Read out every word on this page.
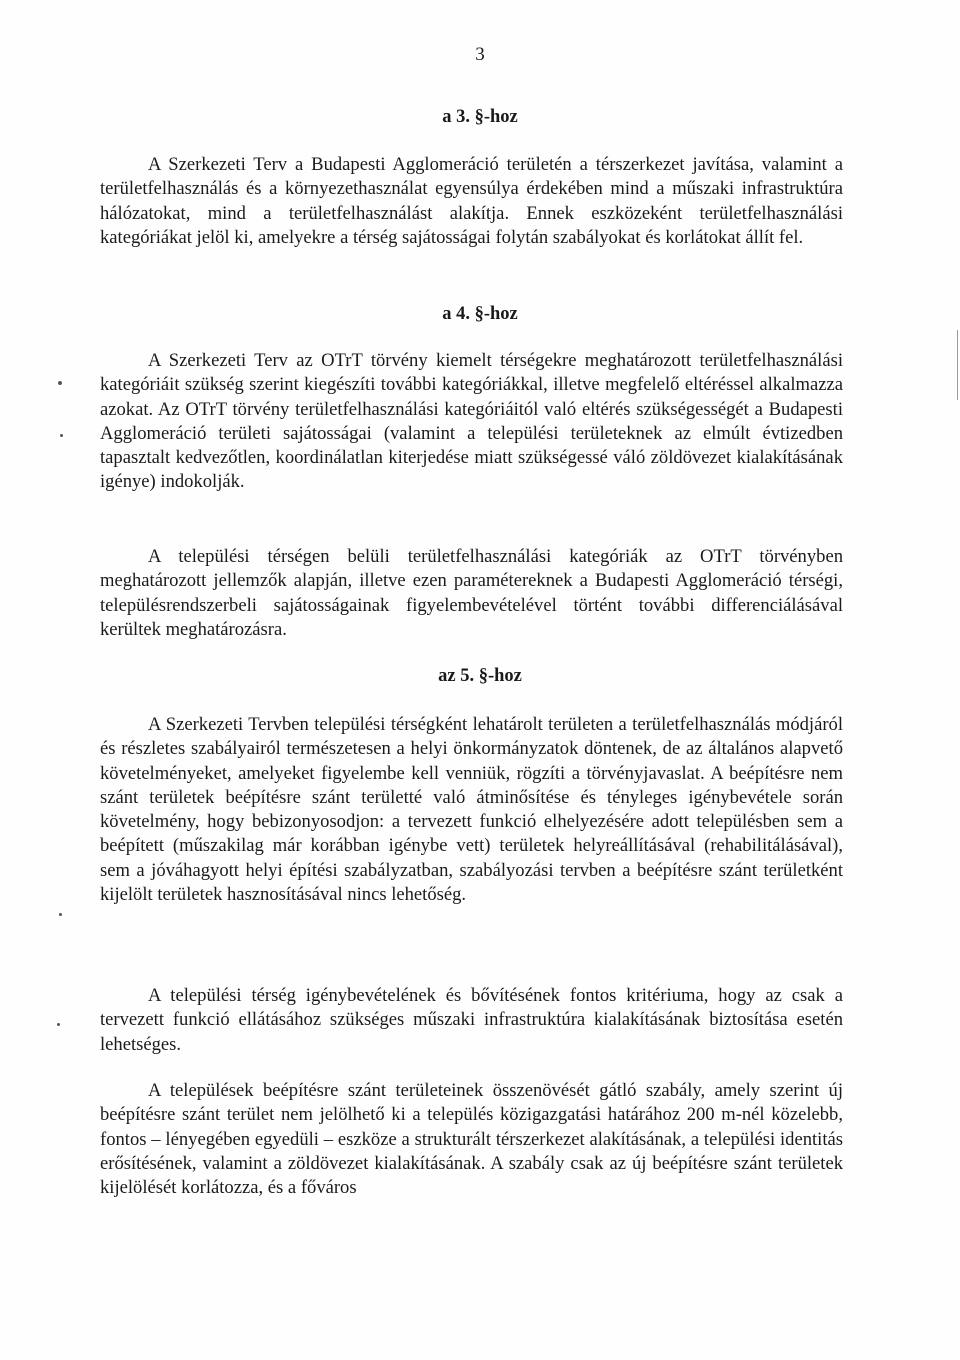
3
a 3. §-hoz

A Szerkezeti Terv a Budapesti Agglomeráció területén a térszerkezet javítása, valamint a területfelhasználás és a környezethasználat egyensúlya érdekében mind a műszaki infrastruktúra hálózatokat, mind a területfelhasználást alakítja. Ennek eszközeként területfelhasználási kategóriákat jelöl ki, amelyekre a térség sajátosságai folytán szabályokat és korlátokat állít fel.

a 4. §-hoz

A Szerkezeti Terv az OTrT törvény kiemelt térségekre meghatározott területfelhasználási kategóriáit szükség szerint kiegészíti további kategóriákkal, illetve megfelelő eltéréssel alkalmazza azokat. Az OTrT törvény területfelhasználási kategóriáitól való eltérés szükségességét a Budapesti Agglomeráció területi sajátosságai (valamint a települési területeknek az elmúlt évtizedben tapasztalt kedvezőtlen, koordinálatlan kiterjedése miatt szükségessé váló zöldövezet kialakításának igénye) indokolják.

A települési térségen belüli területfelhasználási kategóriák az OTrT törvényben meghatározott jellemzők alapján, illetve ezen paramétereknek a Budapesti Agglomeráció térségi, településrendszerbeli sajátosságainak figyelembevételével történt további differenciálásával kerültek meghatározásra.

az 5. §-hoz

A Szerkezeti Tervben települési térségként lehatárolt területen a területfelhasználás módjáról és részletes szabályairól természetesen a helyi önkormányzatok döntenek, de az általános alapvető követelményeket, amelyeket figyelembe kell venniük, rögzíti a törvényjavaslat. A beépítésre nem szánt területek beépítésre szánt területté való átminősítése és tényleges igénybevétele során követelmény, hogy bebizonyosodjon: a tervezett funkció elhelyezésére adott településben sem a beépített (műszakilag már korábban igénybe vett) területek helyreállításával (rehabilitálásával), sem a jóváhagyott helyi építési szabályzatban, szabályozási tervben a beépítésre szánt területként kijelölt területek hasznosításával nincs lehetőség.

A települési térség igénybevételének és bővítésének fontos kritériuma, hogy az csak a tervezett funkció ellátásához szükséges műszaki infrastruktúra kialakításának biztosítása esetén lehetséges.

A települések beépítésre szánt területeinek összenövését gátló szabály, amely szerint új beépítésre szánt terület nem jelölhető ki a település közigazgatási határához 200 m-nél közelebb, fontos – lényegében egyedüli – eszköze a strukturált térszerkezet alakításának, a települési identitás erősítésének, valamint a zöldövezet kialakításának. A szabály csak az új beépítésre szánt területek kijelölését korlátozza, és a főváros
